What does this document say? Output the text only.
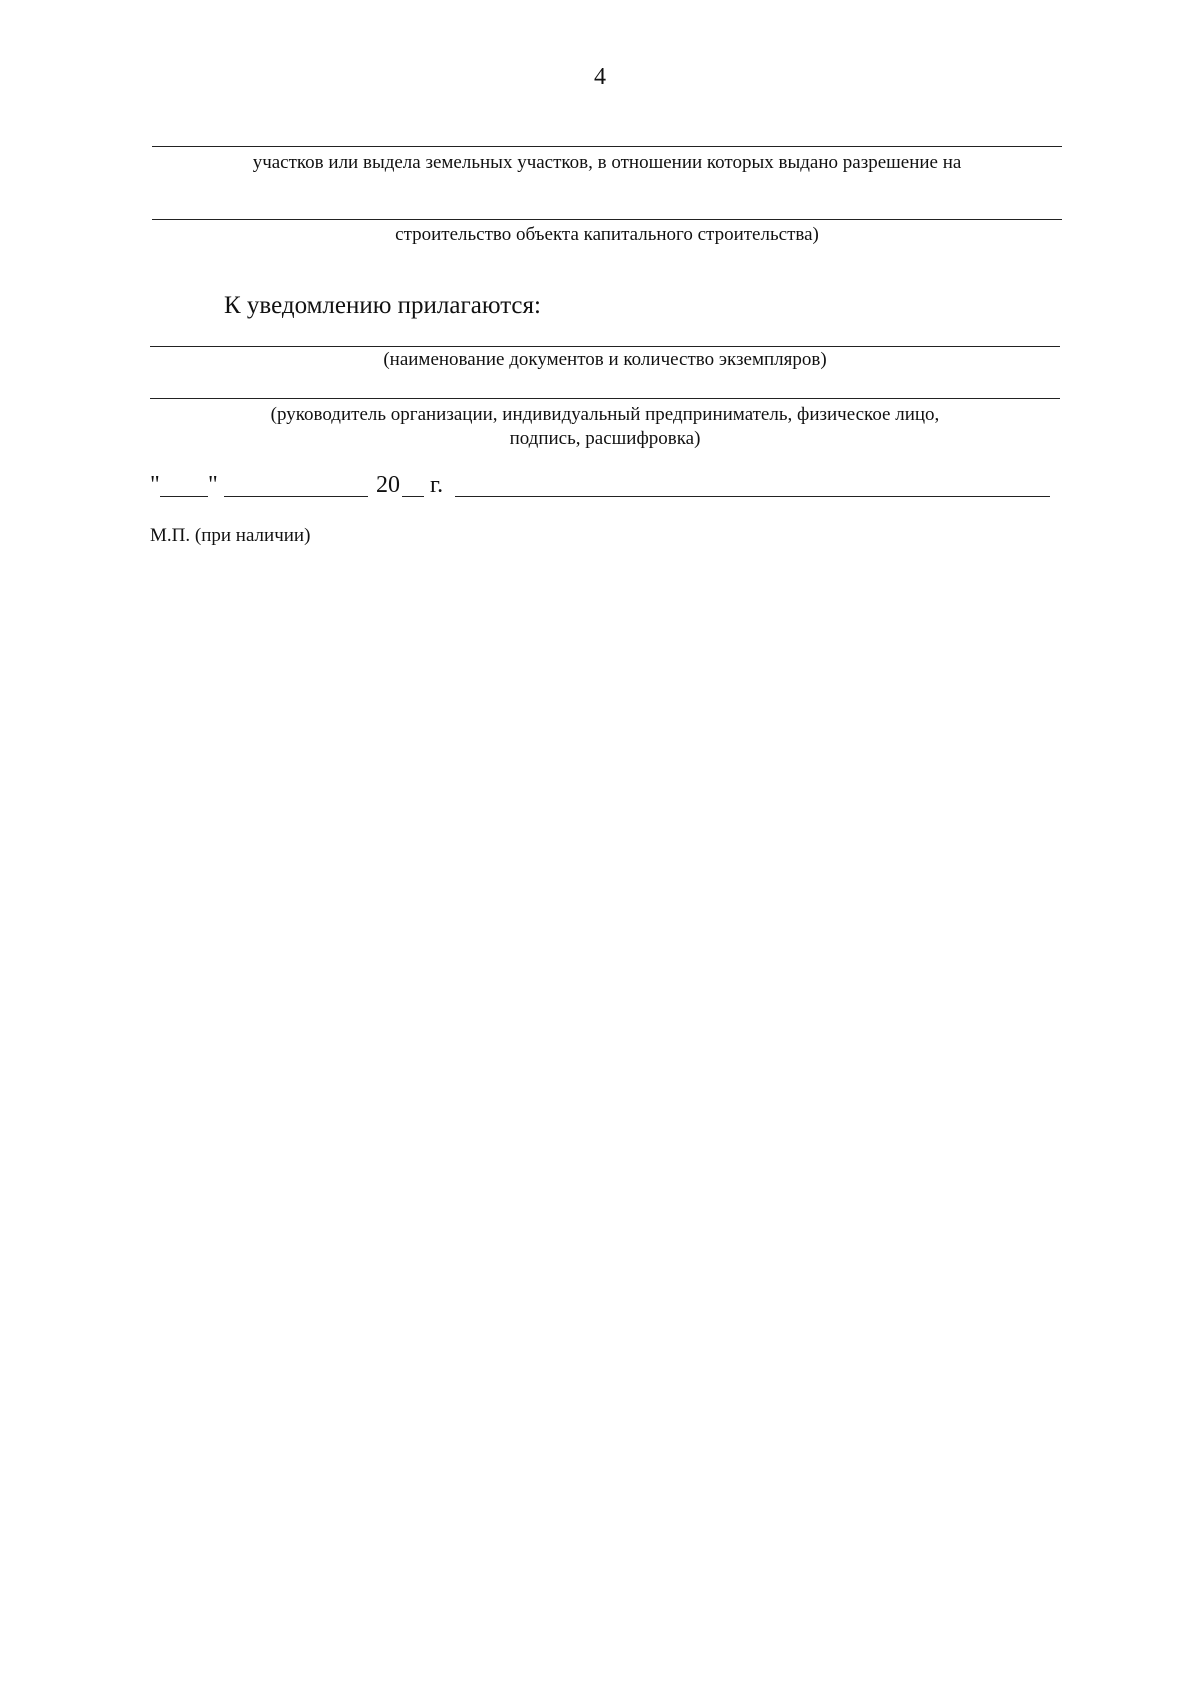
4
участков или выдела земельных участков, в отношении которых выдано разрешение на
строительство объекта капитального строительства)
К уведомлению прилагаются:
(наименование документов и количество экземпляров)
(руководитель организации, индивидуальный предприниматель, физическое лицо,
подпись, расшифровка)
" "	20 г.
М.П. (при наличии)
